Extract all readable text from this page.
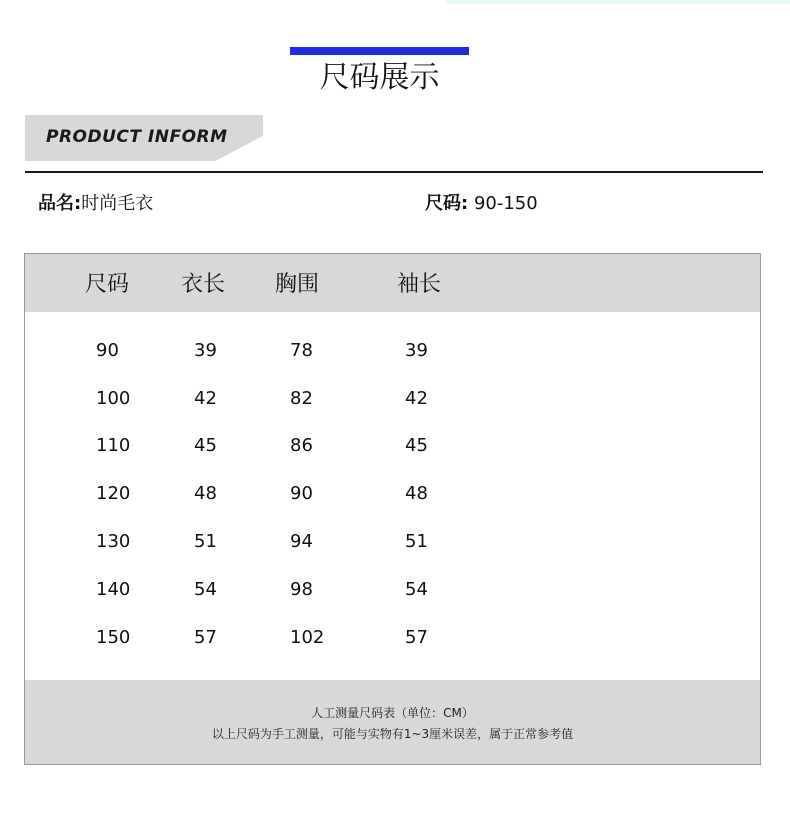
尺码展示
PRODUCT INFORM
品名:时尚毛衣	尺码: 90-150
尺码 衣长 胸围	袖长
90	39	78	39
100	42	82	42
110	45	86	45
120	48	90	48
130	51	94	51
140	54	98	54
150	57	102	57
人工测量尺码表（单位：CM）
以上尺码为手工测量，可能与实物有1~3厘米误差，属于正常参考值
